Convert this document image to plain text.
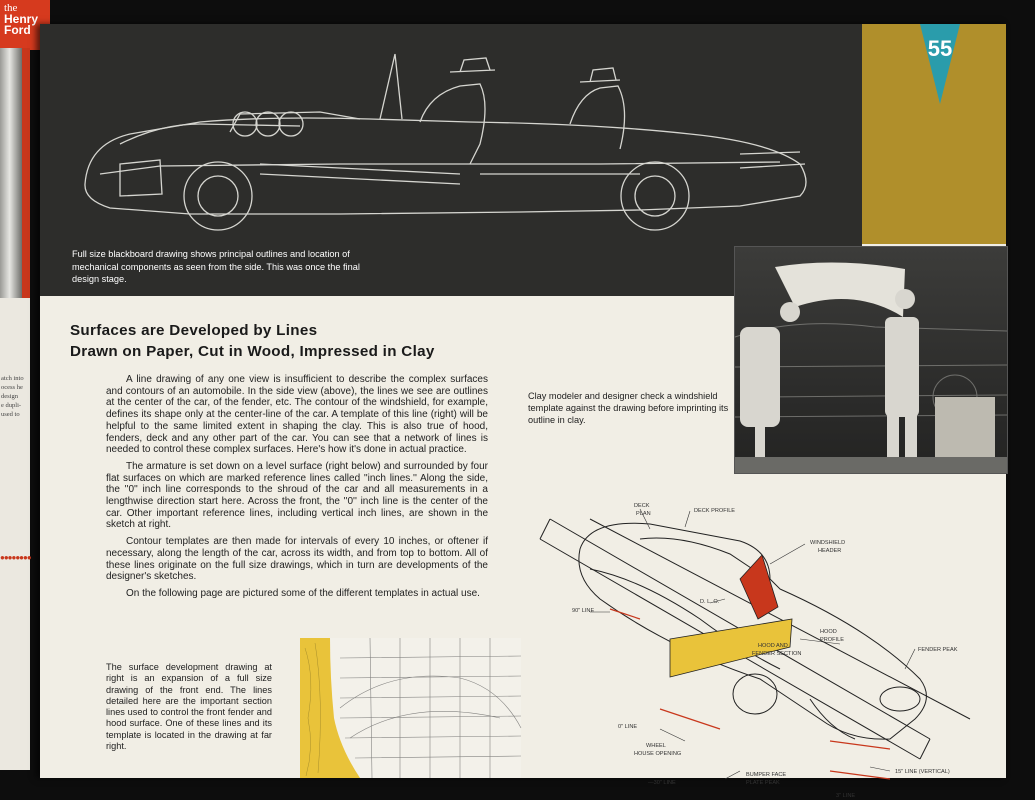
the
Henry
Ford
atch into
ocess he
design
e dupli-
used to
●●●●●●●●
Full size blackboard drawing shows principal outlines and location of mechanical components as seen from the side. This was once the final design stage.
55
Clay modeler and designer check a windshield template against the drawing before imprinting its outline in clay.
Surfaces are Developed by Lines
Drawn on Paper, Cut in Wood, Impressed in Clay

A line drawing of any one view is insufficient to describe the complex surfaces and contours of an automobile. In the side view (above), the lines we see are outlines at the center of the car, of the fender, etc. The contour of the windshield, for example, defines its shape only at the center-line of the car. A template of this line (right) will be helpful to the same limited extent in shaping the clay. This is also true of hood, fenders, deck and any other part of the car. You can see that a network of lines is needed to control these complex surfaces. Here's how it's done in actual practice.

The armature is set down on a level surface (right below) and surrounded by four flat surfaces on which are marked reference lines called ''inch lines.'' Along the side, the ''0'' inch line corresponds to the shroud of the car and all measurements in a lengthwise direction start here. Across the front, the ''0'' inch line is the center of the car. Other important reference lines, including vertical inch lines, are shown in the sketch at right.

Contour templates are then made for intervals of every 10 inches, or oftener if necessary, along the length of the car, across its width, and from top to bottom. All of these lines originate on the full size drawings, which in turn are developments of the designer's sketches.

On the following page are pictured some of the different templates in actual use.

The surface development drawing at right is an expansion of a full size drawing of the front end. The lines detailed here are the important section lines used to control the front fender and hood surface. One of these lines and its template is located in the drawing at far right.
DECK
PLAN	DECK PROFILE
WINDSHIELD
HEADER
D. L. O.
90" LINE
HOOD
PROFILE
HOOD AND
FENDER SECTION
FENDER PEAK
0" LINE
WHEEL
HOUSE OPENING
BUMPER FACE
PLATE PEAK
15" LINE (VERTICAL)
—30" LINE
3" LINE
